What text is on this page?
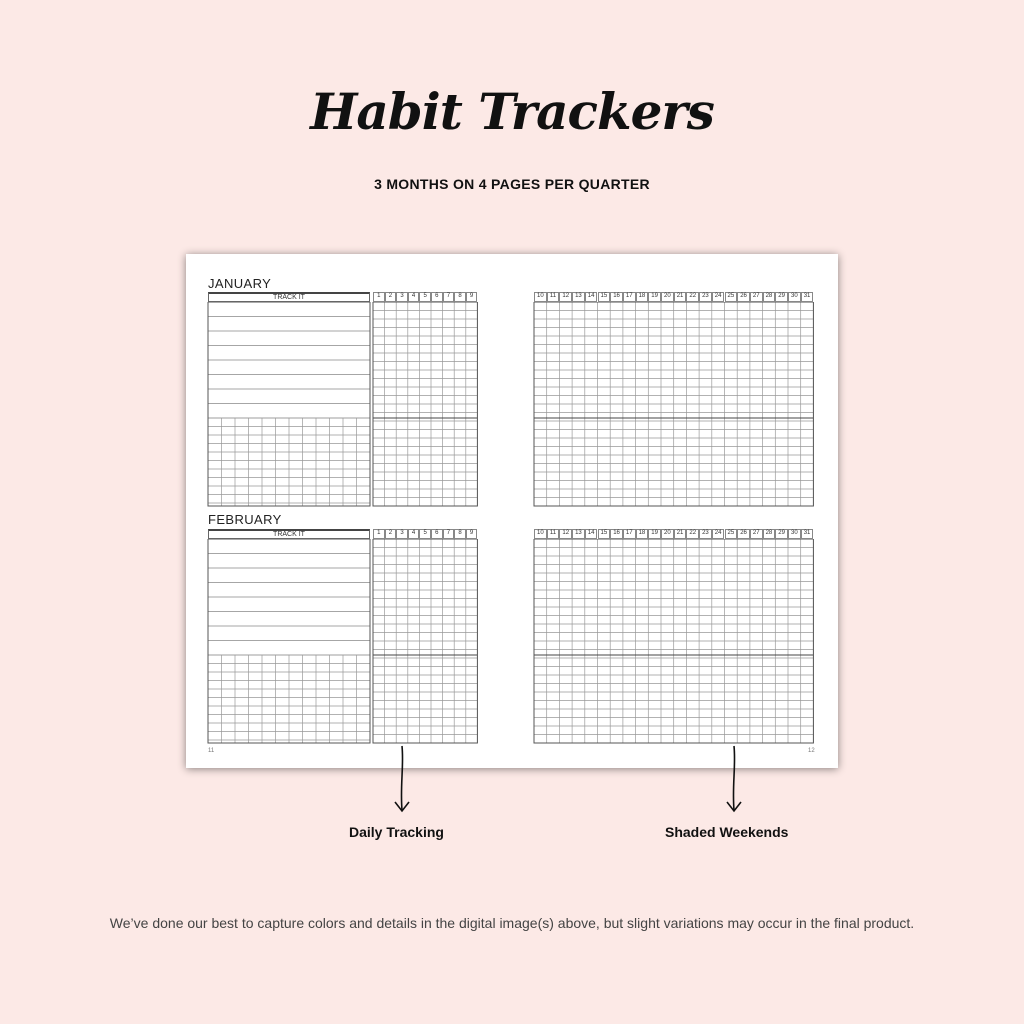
Habit Trackers
3 MONTHS ON 4 PAGES PER QUARTER
JANUARY
TRACK IT	1	2	3	4	5	6	7	8	9	10	11	12	13	14	15	16	17	18	19	20	21	22	23	24	25	26	27	28	29	30	31
FEBRUARY
TRACK IT	1	2	3	4	5	6	7	8	9	10	11	12	13	14	15	16	17	18	19	20	21	22	23	24	25	26	27	28	29	30	31
11	12
Daily Tracking	Shaded Weekends
We’ve done our best to capture colors and details in the digital image(s) above, but slight variations may occur in the final product.
